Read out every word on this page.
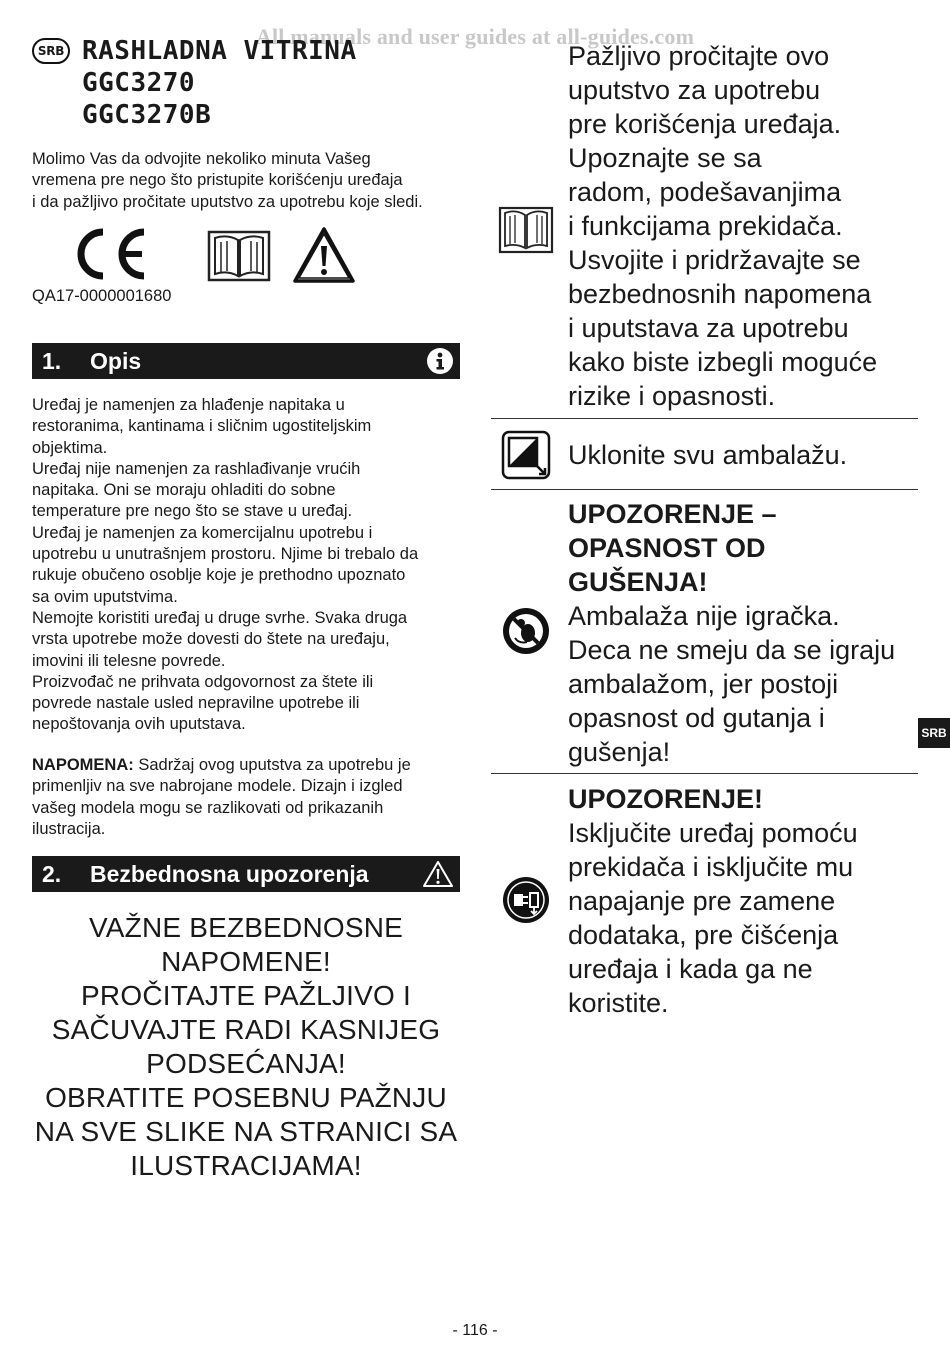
All manuals and user guides at all-guides.com
SRB RASHLADNA VITRINA
GGC3270
GGC3270B
Molimo Vas da odvojite nekoliko minuta Vašeg
vremena pre nego što pristupite korišćenju uređaja
i da pažljivo pročitate uputstvo za upotrebu koje sledi.
QA17-0000001680
1.	Opis
Uređaj je namenjen za hlađenje napitaka u
restoranima, kantinama i sličnim ugostiteljskim
objektima.
Uređaj nije namenjen za rashlađivanje vrućih
napitaka. Oni se moraju ohladiti do sobne
temperature pre nego što se stave u uređaj.
Uređaj je namenjen za komercijalnu upotrebu i
upotrebu u unutrašnjem prostoru. Njime bi trebalo da
rukuje obučeno osoblje koje je prethodno upoznato
sa ovim uputstvima.
Nemojte koristiti uređaj u druge svrhe. Svaka druga
vrsta upotrebe može dovesti do štete na uređaju,
imovini ili telesne povrede.
Proizvođač ne prihvata odgovornost za štete ili
povrede nastale usled nepravilne upotrebe ili
nepoštovanja ovih uputstava.
NAPOMENA: Sadržaj ovog uputstva za upotrebu je
primenljiv na sve nabrojane modele. Dizajn i izgled
vašeg modela mogu se razlikovati od prikazanih
ilustracija.
2.	Bezbednosna upozorenja
VAŽNE BEZBEDNOSNE
NAPOMENE!
PROČITAJTE PAŽLJIVO I
SAČUVAJTE RADI KASNIJEG
PODSEĆANJA!
OBRATITE POSEBNU PAŽNJU
NA SVE SLIKE NA STRANICI SA
ILUSTRACIJAMA!
Pažljivo pročitajte ovo
uputstvo za upotrebu
pre korišćenja uređaja.
Upoznajte se sa
radom, podešavanjima
i funkcijama prekidača.
Usvojite i pridržavajte se
bezbednosnih napomena
i uputstava za upotrebu
kako biste izbegli moguće
rizike i opasnosti.
Uklonite svu ambalažu.
UPOZORENJE –
OPASNOST OD
GUŠENJA!
Ambalaža nije igračka.
Deca ne smeju da se igraju
ambalažom, jer postoji
opasnost od gutanja i
gušenja!
UPOZORENJE!
Isključite uređaj pomoću
prekidača i isključite mu
napajanje pre zamene
dodataka, pre čišćenja
uređaja i kada ga ne
koristite.
SRB
- 116 -
